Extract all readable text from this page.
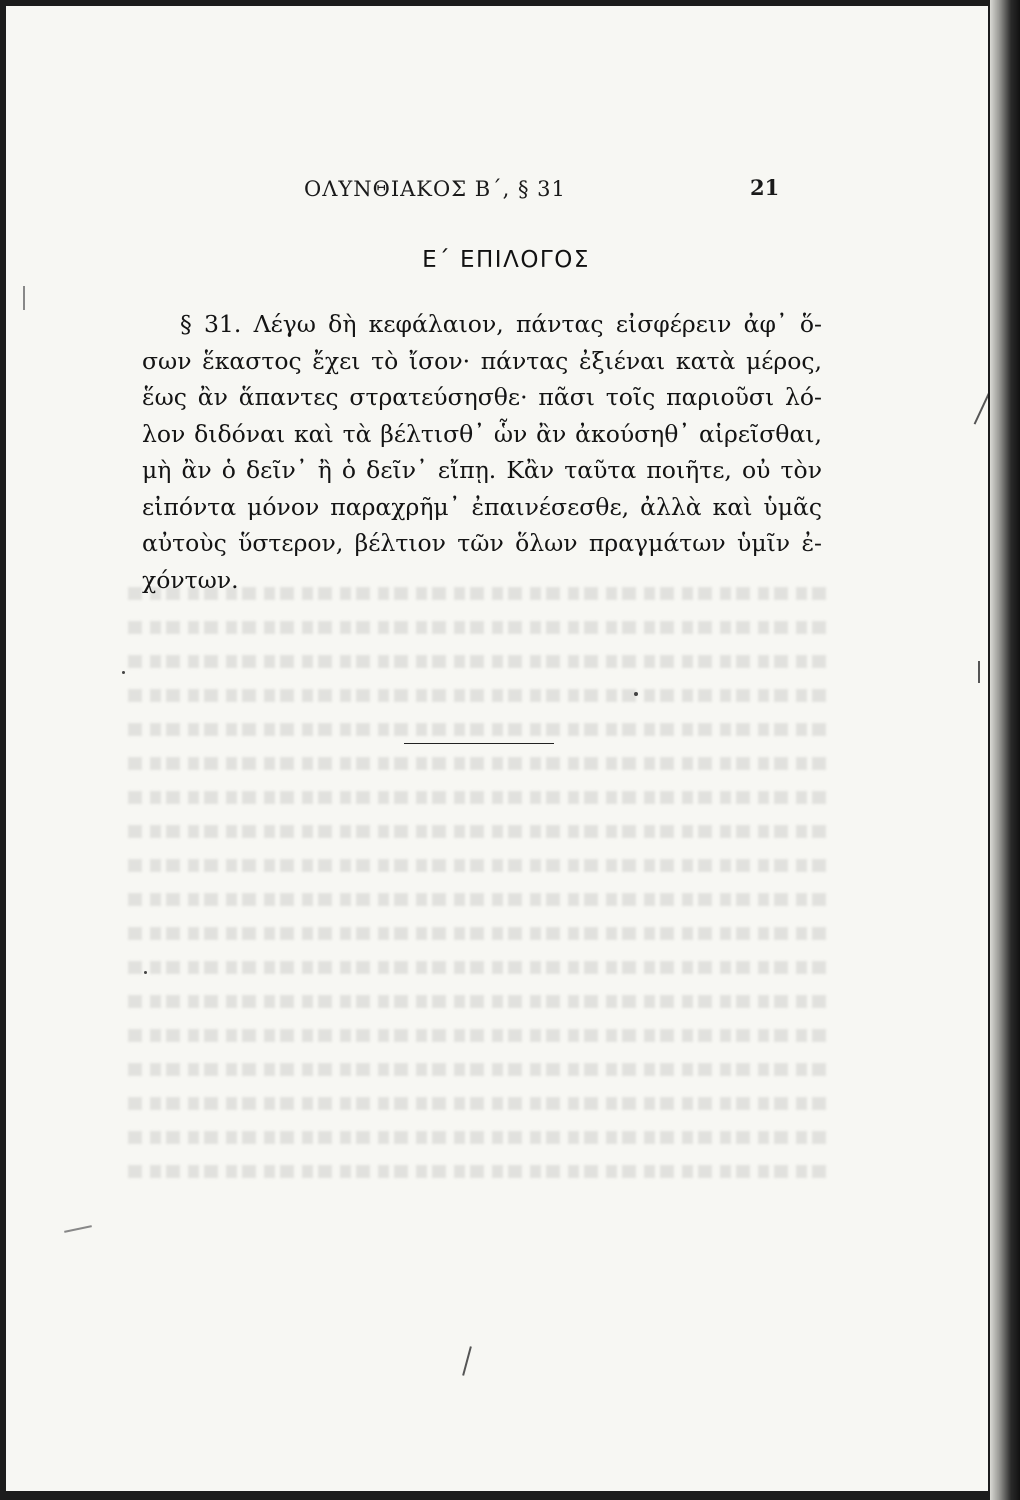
ΟΛΥΝΘΙΑΚΟΣ Β΄, § 31	21
Ε΄ ΕΠΙΛΟΓΟΣ
§ 31. Λέγω δὴ κεφάλαιον, πάντας εἰσφέρειν ἀφ᾽ ὅ-
σων ἕκαστος ἔχει τὸ ἴσον· πάντας ἐξιέναι κατὰ μέρος,
ἕως ἂν ἅπαντες στρατεύσησθε· πᾶσι τοῖς παριοῦσι λό-
λον διδόναι καὶ τὰ βέλτισθ᾽ ὧν ἂν ἀκούσηθ᾽ αἱρεῖσθαι,
μὴ ἂν ὁ δεῖν᾽ ἢ ὁ δεῖν᾽ εἴπῃ. Κἂν ταῦτα ποιῆτε, οὐ τὸν
εἰπόντα μόνον παραχρῆμ᾽ ἐπαινέσεσθε, ἀλλὰ καὶ ὑμᾶς
αὐτοὺς ὕστερον, βέλτιον τῶν ὅλων πραγμάτων ὑμῖν ἐ-
χόντων.
